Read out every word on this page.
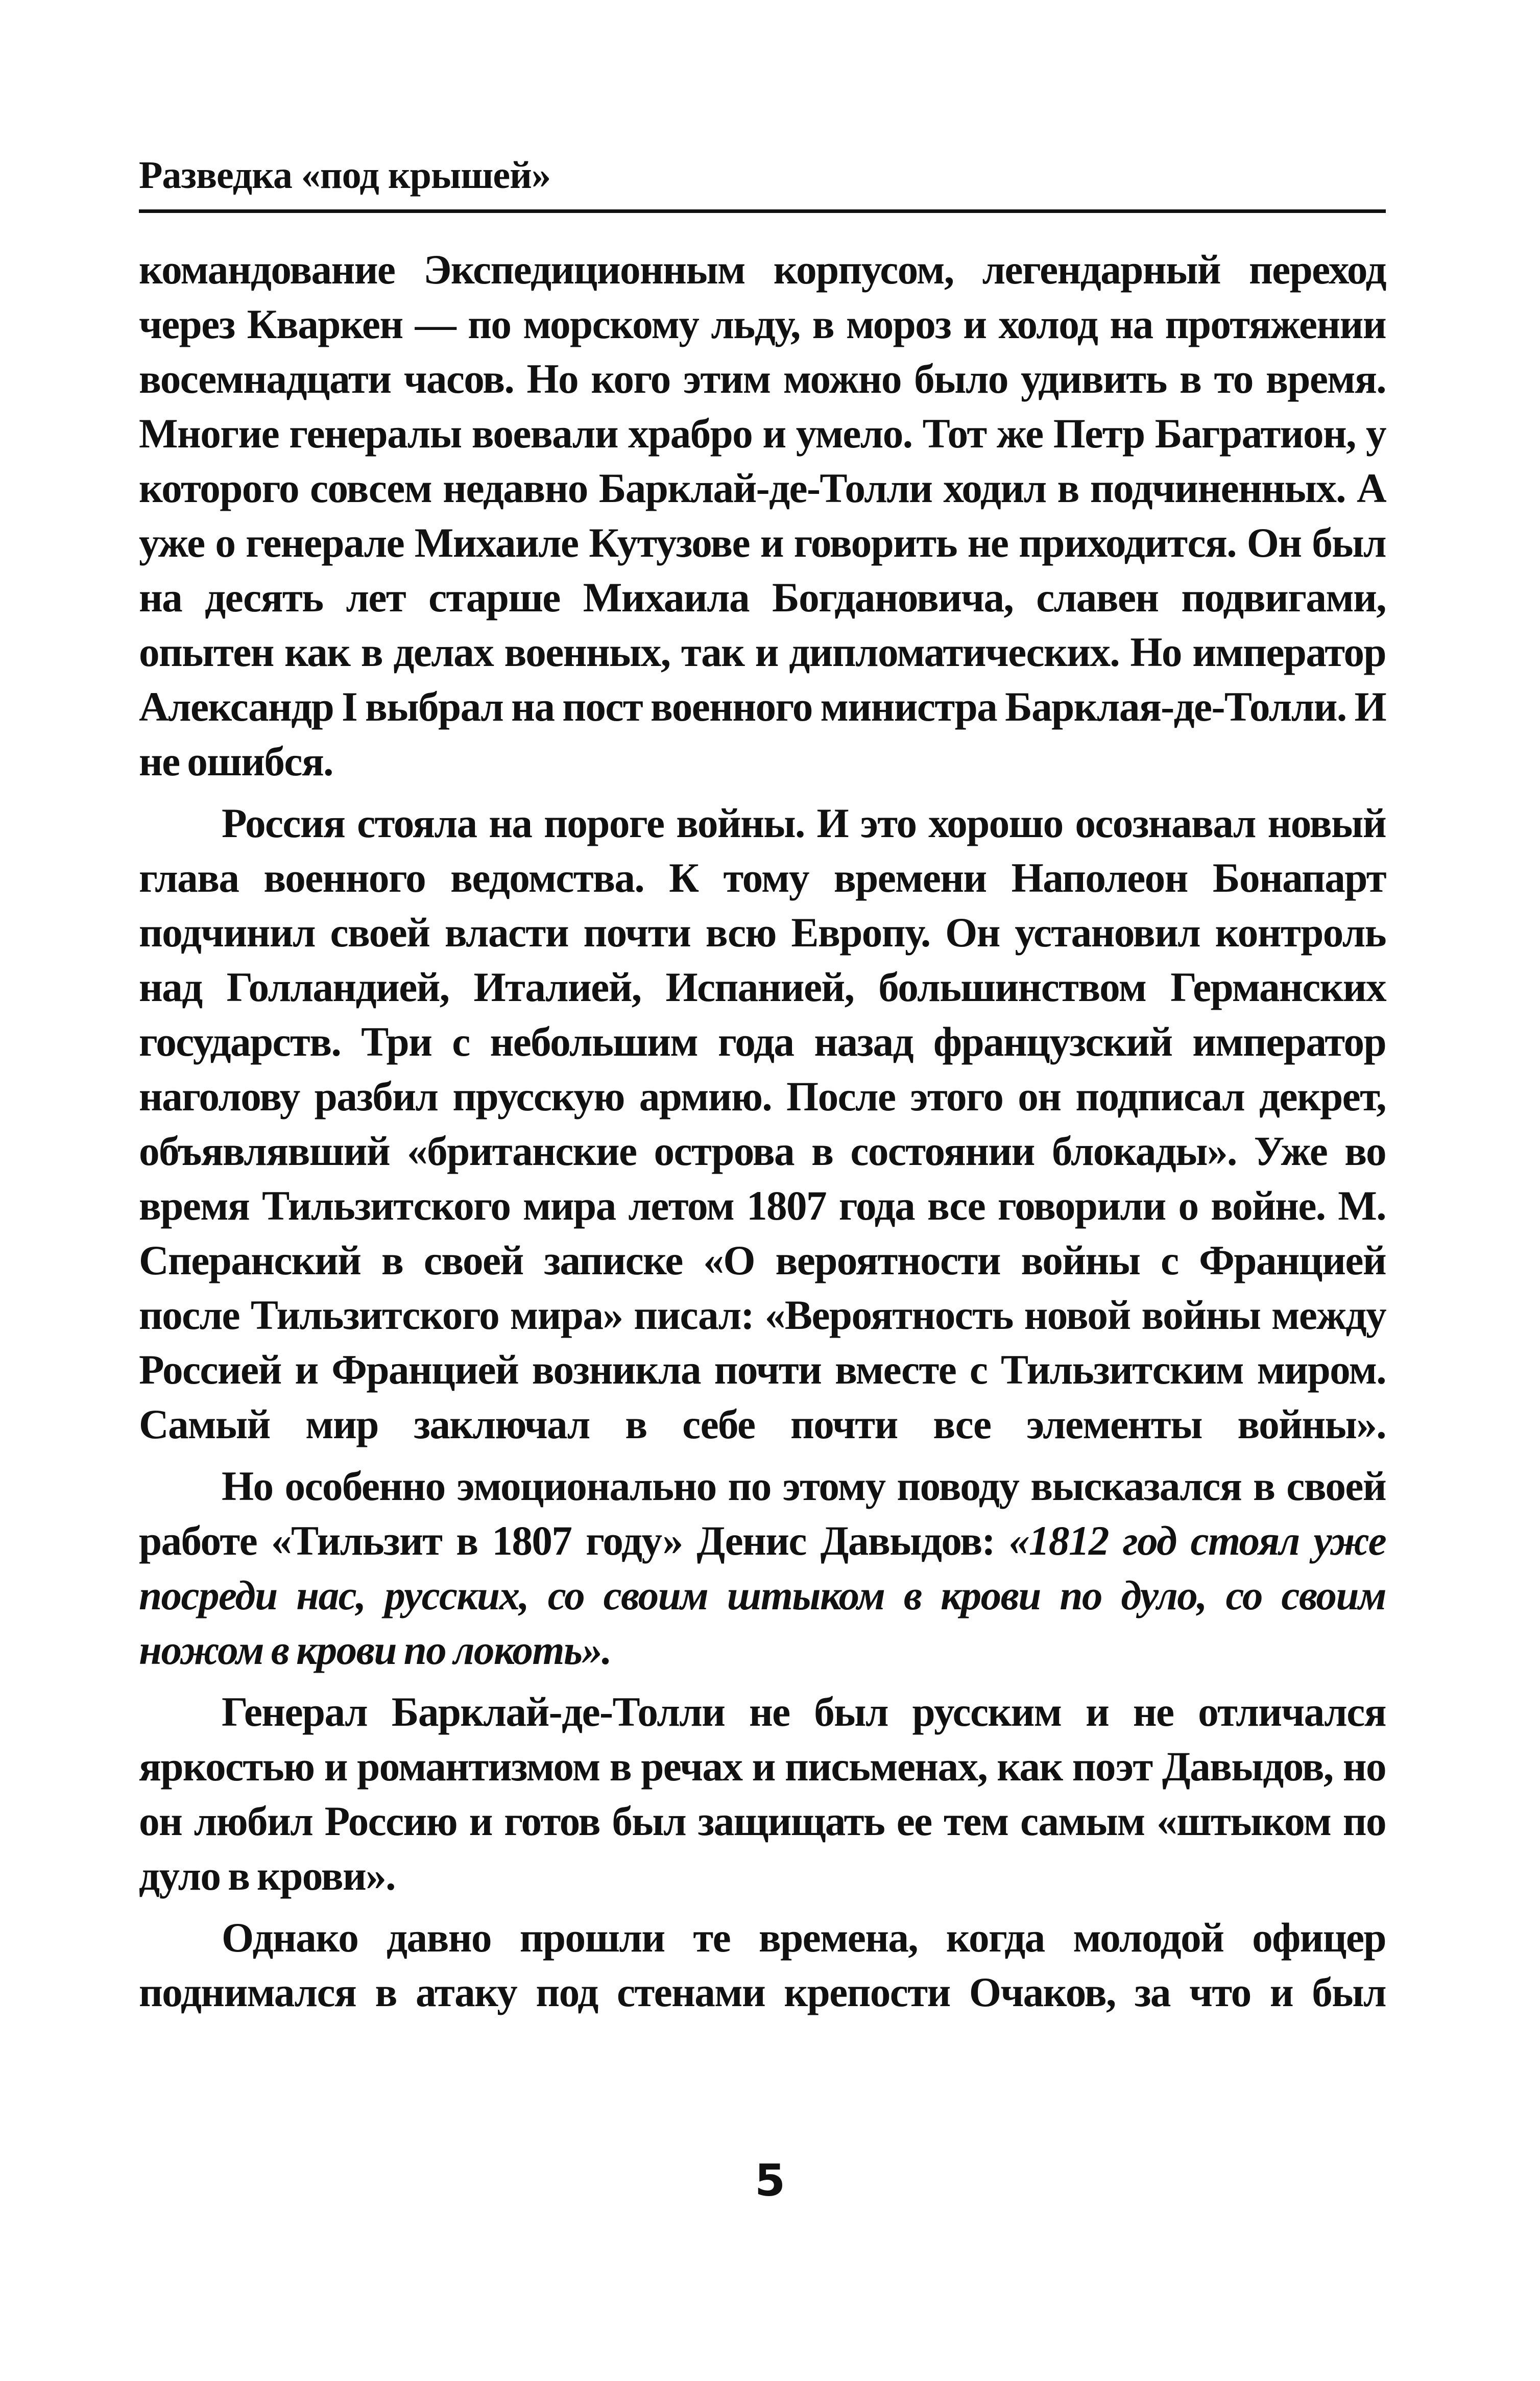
Разведка «под крышей»

командование Экспедиционным корпусом, легендарный переход через Кваркен — по морскому льду, в мороз и холод на протяжении восемнадцати часов. Но кого этим можно было удивить в то время. Многие генералы воевали храбро и умело. Тот же Петр Багратион, у которого совсем недавно Барклай-де-Толли ходил в подчиненных. А уже о генерале Михаиле Кутузове и говорить не приходится. Он был на десять лет старше Михаила Богдановича, славен подвигами, опытен как в делах военных, так и дипломатических. Но император Александр I выбрал на пост военного министра Барклая-де-Толли. И не ошибся.

Россия стояла на пороге войны. И это хорошо осознавал новый глава военного ведомства. К тому времени Наполеон Бонапарт подчинил своей власти почти всю Европу. Он установил контроль над Голландией, Италией, Испанией, большинством Германских государств. Три с небольшим года назад французский император наголову разбил прусскую армию. После этого он подписал декрет, объявлявший «британские острова в состоянии блокады». Уже во время Тильзитского мира летом 1807 года все говорили о войне. М. Сперанский в своей записке «О вероятности войны с Францией после Тильзитского мира» писал: «Вероятность новой войны между Россией и Францией возникла почти вместе с Тильзитским миром. Самый мир заключал в себе почти все элементы войны».

Но особенно эмоционально по этому поводу высказался в своей работе «Тильзит в 1807 году» Денис Давыдов: «1812 год стоял уже посреди нас, русских, со своим штыком в крови по дуло, со своим ножом в крови по локоть».

Генерал Барклай-де-Толли не был русским и не отличался яркостью и романтизмом в речах и письменах, как поэт Давыдов, но он любил Россию и готов был защищать ее тем самым «штыком по дуло в крови».

Однако давно прошли те времена, когда молодой офицер поднимался в атаку под стенами крепости Очаков, за что и был

5
